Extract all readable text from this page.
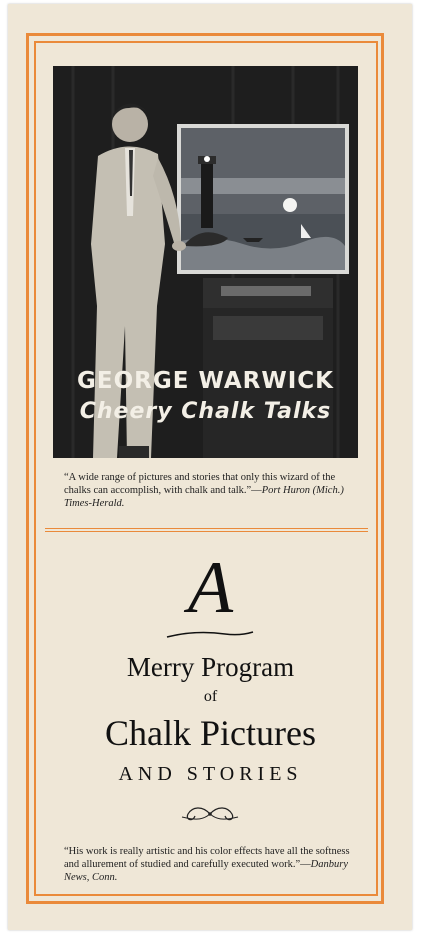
GEORGE WARWICK
Cheery Chalk Talks
“A wide range of pictures and stories that only this wizard of the chalks can accomplish, with chalk and talk.”—Port Huron (Mich.) Times-Herald.
A
Merry Program
of
Chalk Pictures
AND STORIES
“His work is really artistic and his color effects have all the softness and allurement of studied and carefully executed work.”—Danbury News, Conn.
